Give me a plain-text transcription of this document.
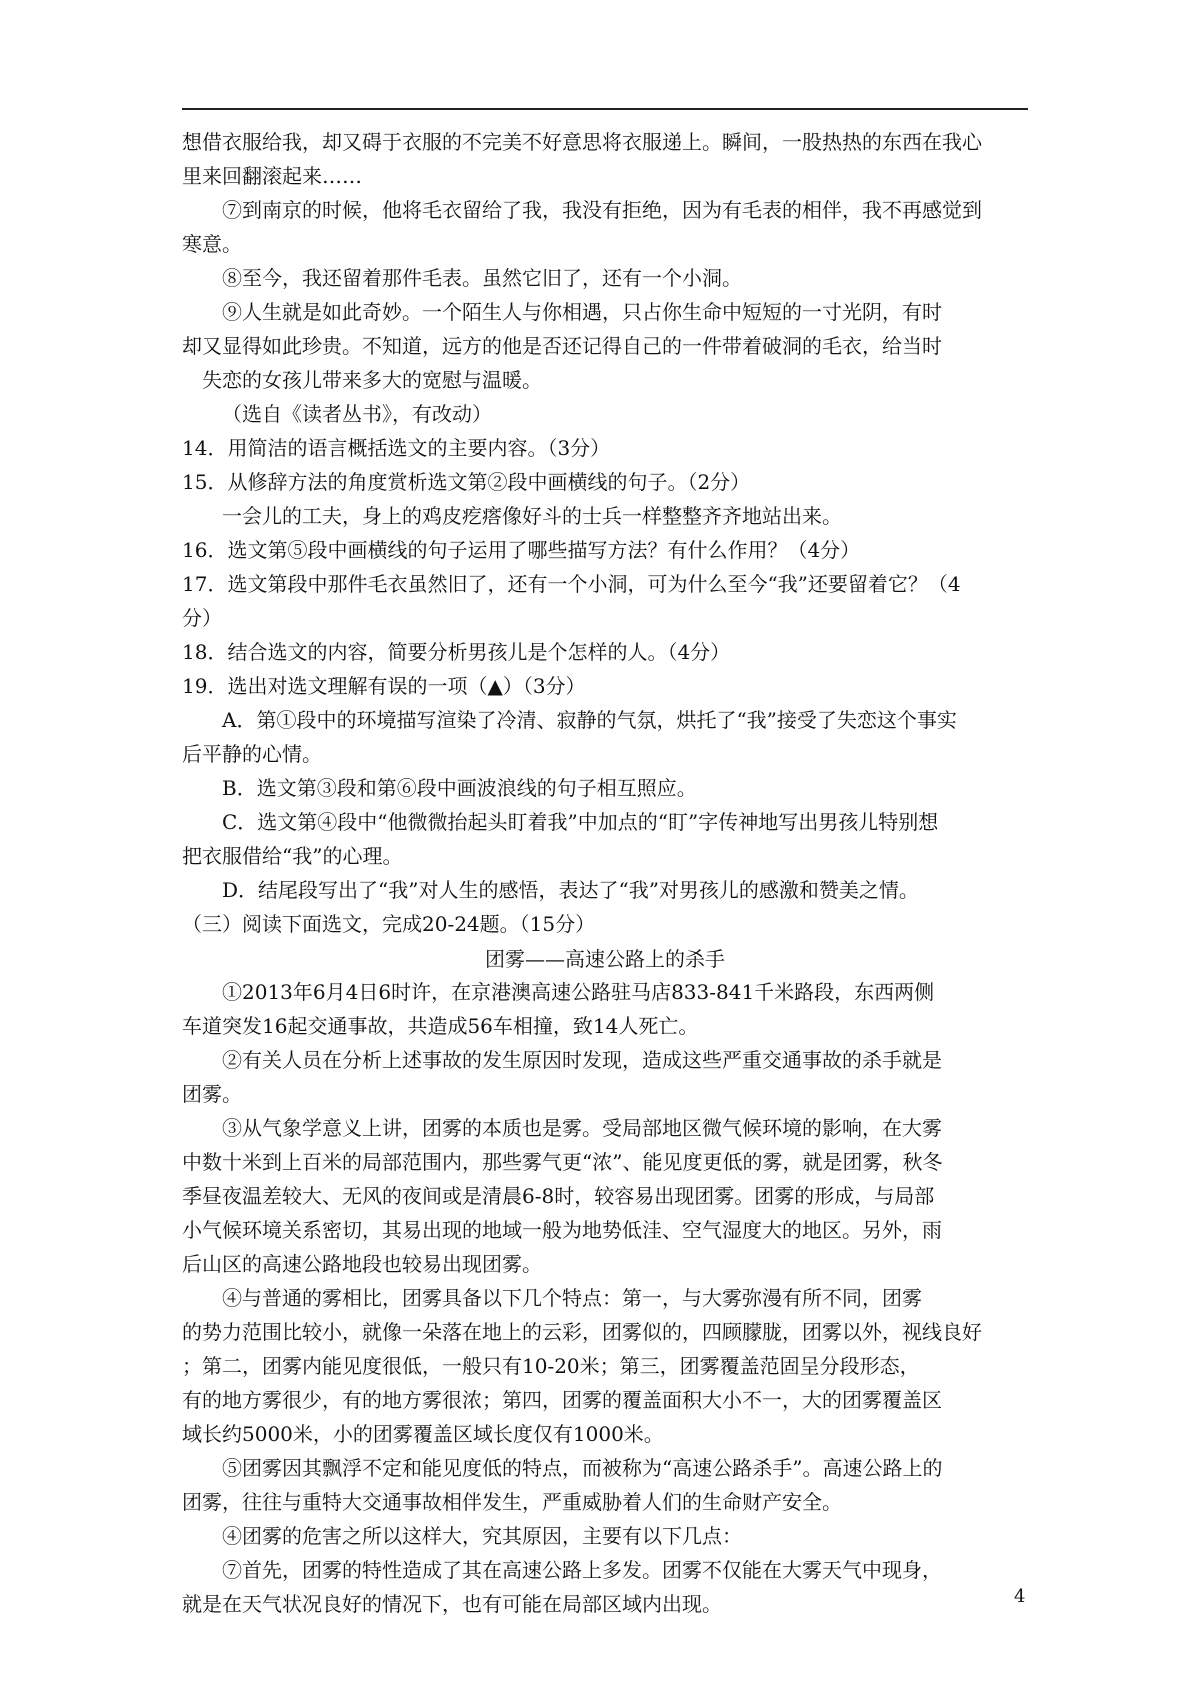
想借衣服给我，却又碍于衣服的不完美不好意思将衣服递上。瞬间，一股热热的东西在我心
里来回翻滚起来……
⑦到南京的时候，他将毛衣留给了我，我没有拒绝，因为有毛表的相伴，我不再感觉到
寒意。
⑧至今，我还留着那件毛表。虽然它旧了，还有一个小洞。
⑨人生就是如此奇妙。一个陌生人与你相遇，只占你生命中短短的一寸光阴，有时
却又显得如此珍贵。不知道，远方的他是否还记得自己的一件带着破洞的毛衣，给当时
失恋的女孩儿带来多大的宽慰与温暖。
（选自《读者丛书》，有改动）
14．用简洁的语言概括选文的主要内容。（3分）
15．从修辞方法的角度赏析选文第②段中画横线的句子。（2分）
一会儿的工夫，身上的鸡皮疙瘩像好斗的士兵一样整整齐齐地站出来。
16．选文第⑤段中画横线的句子运用了哪些描写方法？有什么作用？（4分）
17．选文第段中那件毛衣虽然旧了，还有一个小洞，可为什么至今“我”还要留着它？（4
分）
18．结合选文的内容，简要分析男孩儿是个怎样的人。（4分）
19．选出对选文理解有误的一项（▲）（3分）
A．第①段中的环境描写渲染了冷清、寂静的气氛，烘托了“我”接受了失恋这个事实
后平静的心情。
B．选文第③段和第⑥段中画波浪线的句子相互照应。
C．选文第④段中“他微微抬起头盯着我”中加点的“盯”字传神地写出男孩儿特别想
把衣服借给“我”的心理。
D．结尾段写出了“我”对人生的感悟，表达了“我”对男孩儿的感激和赞美之情。
（三）阅读下面选文，完成20-24题。（15分）
①2013年6月4日6时许，在京港澳高速公路驻马店833-841千米路段，东西两侧
车道突发16起交通事故，共造成56车相撞，致14人死亡。
②有关人员在分析上述事故的发生原因时发现，造成这些严重交通事故的杀手就是
团雾。
③从气象学意义上讲，团雾的本质也是雾。受局部地区微气候环境的影响，在大雾
中数十米到上百米的局部范围内，那些雾气更“浓”、能见度更低的雾，就是团雾，秋冬
季昼夜温差较大、无风的夜间或是清晨6-8时，较容易出现团雾。团雾的形成，与局部
小气候环境关系密切，其易出现的地域一般为地势低洼、空气湿度大的地区。另外，雨
后山区的高速公路地段也较易出现团雾。
④与普通的雾相比，团雾具备以下几个特点：第一，与大雾弥漫有所不同，团雾
的势力范围比较小，就像一朵落在地上的云彩，团雾似的，四顾朦胧，团雾以外，视线良好
；第二，团雾内能见度很低，一般只有10-20米；第三，团雾覆盖范固呈分段形态，
有的地方雾很少，有的地方雾很浓；第四，团雾的覆盖面积大小不一，大的团雾覆盖区
域长约5000米，小的团雾覆盖区域长度仅有1000米。
⑤团雾因其飘浮不定和能见度低的特点，而被称为“高速公路杀手”。高速公路上的
团雾，往往与重特大交通事故相伴发生，严重威胁着人们的生命财产安全。
④团雾的危害之所以这样大，究其原因，主要有以下几点：
⑦首先，团雾的特性造成了其在高速公路上多发。团雾不仅能在大雾天气中现身，
就是在天气状况良好的情况下，也有可能在局部区域内出现。
团雾——高速公路上的杀手
4
